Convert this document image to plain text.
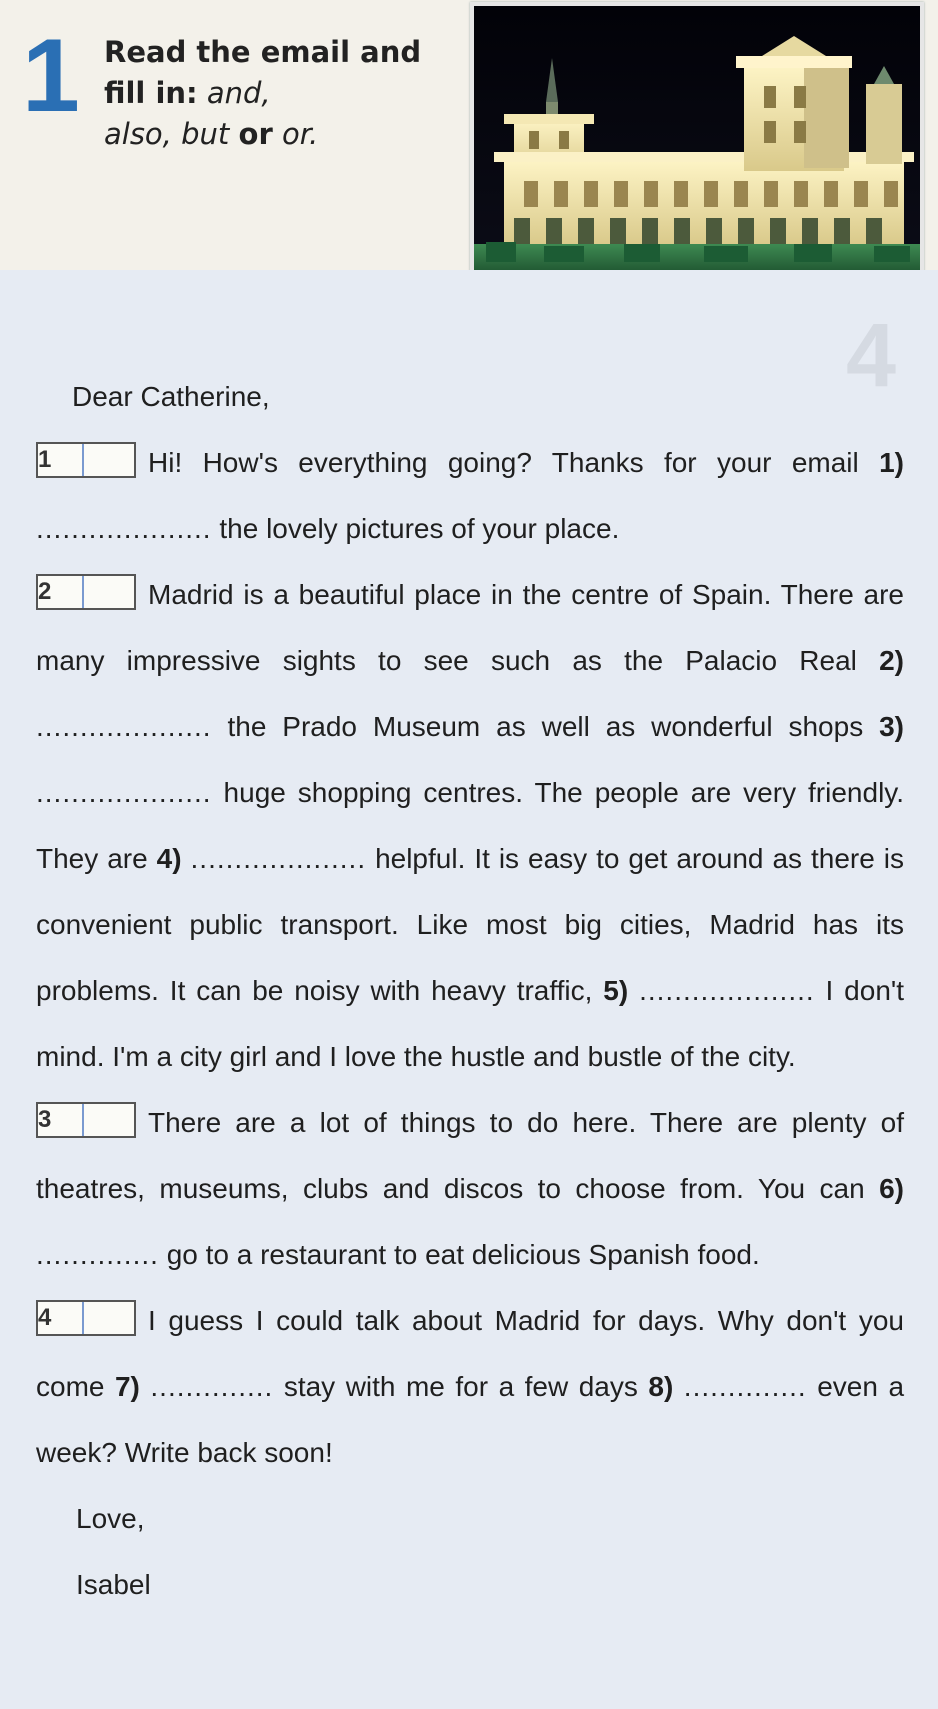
1 Read the email and fill in: and,
also, but or or.
4
Dear Catherine,

1	Hi! How's everything going? Thanks for your email 1) .................... the lovely pictures of your place.

2	Madrid is a beautiful place in the centre of Spain. There are many impressive sights to see such as the Palacio Real 2) .................... the Prado Museum as well as wonderful shops 3) .................... huge shopping centres. The people are very friendly. They are 4) .................... helpful. It is easy to get around as there is convenient public transport. Like most big cities, Madrid has its problems. It can be noisy with heavy traffic, 5) .................... I don't mind. I'm a city girl and I love the hustle and bustle of the city.

3	There are a lot of things to do here. There are plenty of theatres, museums, clubs and discos to choose from. You can 6) .............. go to a restaurant to eat delicious Spanish food.

4	I guess I could talk about Madrid for days. Why don't you come 7) .............. stay with me for a few days 8) .............. even a week? Write back soon!

Love,
Isabel
